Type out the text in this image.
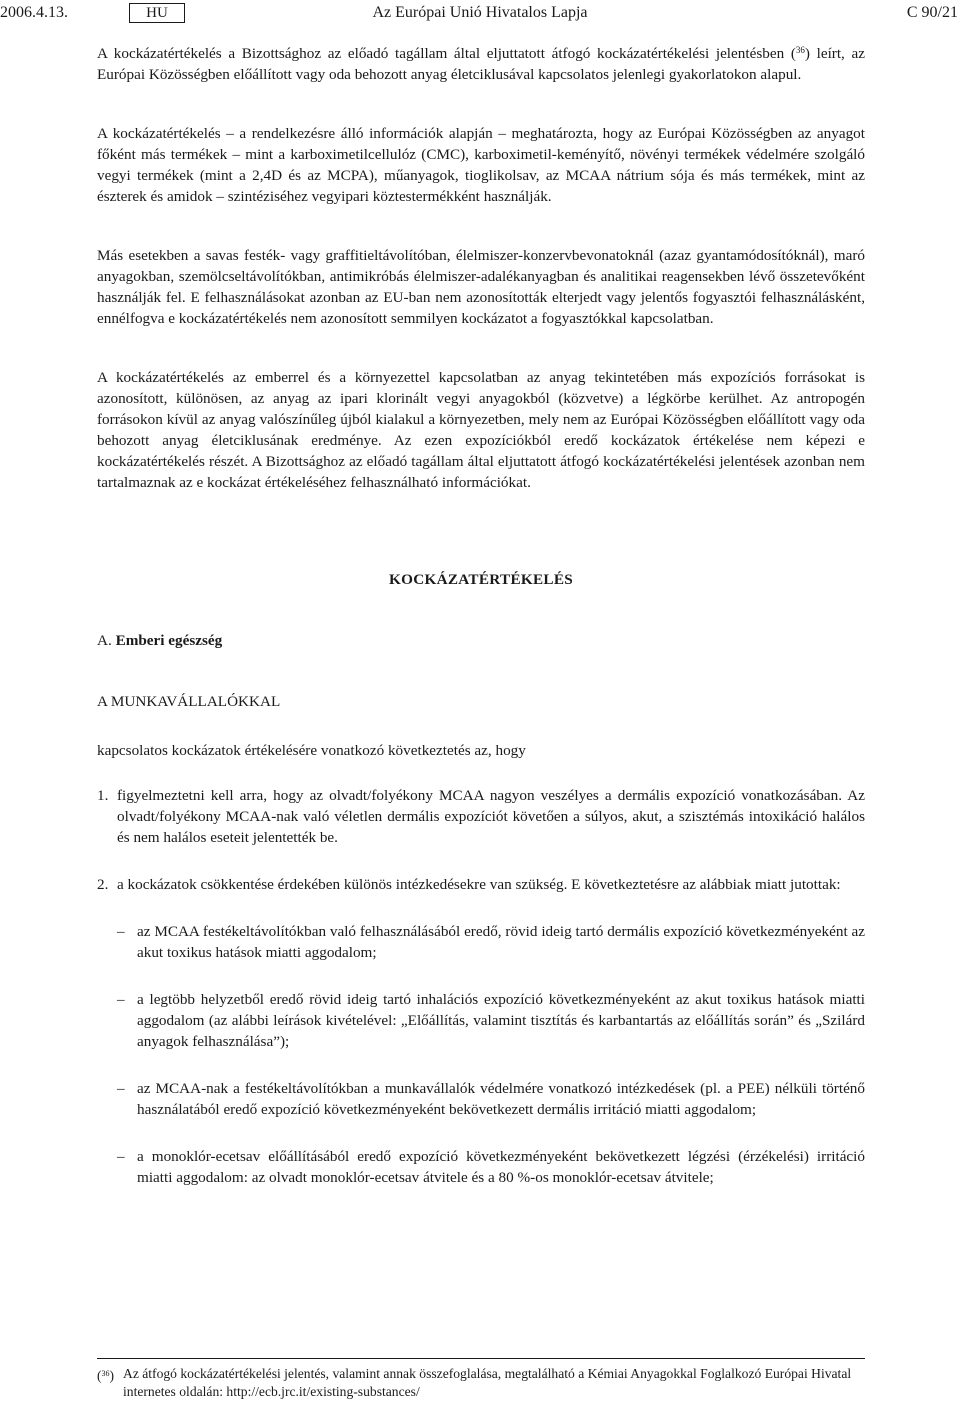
2006.4.13.	HU	Az Európai Unió Hivatalos Lapja	C 90/21

A kockázatértékelés a Bizottsághoz az előadó tagállam által eljuttatott átfogó kockázatértékelési jelentésben ($^{36}$) leírt, az Európai Közösségben előállított vagy oda behozott anyag életciklusával kapcsolatos jelenlegi gyakorlatokon alapul.

A kockázatértékelés – a rendelkezésre álló információk alapján – meghatározta, hogy az Európai Közösségben az anyagot főként más termékek – mint a karboximetilcellulóz (CMC), karboximetil-keményítő, növényi termékek védelmére szolgáló vegyi termékek (mint a 2,4D és az MCPA), műanyagok, tioglikolsav, az MCAA nátrium sója és más termékek, mint az észterek és amidok – szintéziséhez vegyipari köztestermékként használják.

Más esetekben a savas festék- vagy graffitieltávolítóban, élelmiszer-konzervbevonatoknál (azaz gyantamódosítóknál), maró anyagokban, szemölcseltávolítókban, antimikróbás élelmiszer-adalékanyagban és analitikai reagensekben lévő összetevőként használják fel. E felhasználásokat azonban az EU-ban nem azonosították elterjedt vagy jelentős fogyasztói felhasználásként, ennélfogva e kockázatértékelés nem azonosított semmilyen kockázatot a fogyasztókkal kapcsolatban.

A kockázatértékelés az emberrel és a környezettel kapcsolatban az anyag tekintetében más expozíciós forrásokat is azonosított, különösen, az anyag az ipari klorinált vegyi anyagokból (közvetve) a légkörbe kerülhet. Az antropogén forrásokon kívül az anyag valószínűleg újból kialakul a környezetben, mely nem az Európai Közösségben előállított vagy oda behozott anyag életciklusának eredménye. Az ezen expozíciókból eredő kockázatok értékelése nem képezi e kockázatértékelés részét. A Bizottsághoz az előadó tagállam által eljuttatott átfogó kockázatértékelési jelentések azonban nem tartalmaznak az e kockázat értékeléséhez felhasználható információkat.

KOCKÁZATÉRTÉKELÉS

A. Emberi egészség

A MUNKAVÁLLALÓKKAL

kapcsolatos kockázatok értékelésére vonatkozó következtetés az, hogy

1. figyelmeztetni kell arra, hogy az olvadt/folyékony MCAA nagyon veszélyes a dermális expozíció vonatkozásában. Az olvadt/folyékony MCAA-nak való véletlen dermális expozíciót követően a súlyos, akut, a szisztémás intoxikáció halálos és nem halálos eseteit jelentették be.
2. a kockázatok csökkentése érdekében különös intézkedésekre van szükség. E következtetésre az alábbiak miatt jutottak:
– az MCAA festékeltávolítókban való felhasználásából eredő, rövid ideig tartó dermális expozíció következményeként az akut toxikus hatások miatti aggodalom;
– a legtöbb helyzetből eredő rövid ideig tartó inhalációs expozíció következményeként az akut toxikus hatások miatti aggodalom (az alábbi leírások kivételével: „Előállítás, valamint tisztítás és karbantartás az előállítás során” és „Szilárd anyagok felhasználása”);
– az MCAA-nak a festékeltávolítókban a munkavállalók védelmére vonatkozó intézkedések (pl. a PEE) nélküli történő használatából eredő expozíció következményeként bekövetkezett dermális irritáció miatti aggodalom;
– a monoklór-ecetsav előállításából eredő expozíció következményeként bekövetkezett légzési (érzékelési) irritáció miatti aggodalom: az olvadt monoklór-ecetsav átvitele és a 80 %-os monoklór-ecetsav átvitele;
($^{36}$) Az átfogó kockázatértékelési jelentés, valamint annak összefoglalása, megtalálható a Kémiai Anyagokkal Foglalkozó Európai Hivatal internetes oldalán: http://ecb.jrc.it/existing-substances/
